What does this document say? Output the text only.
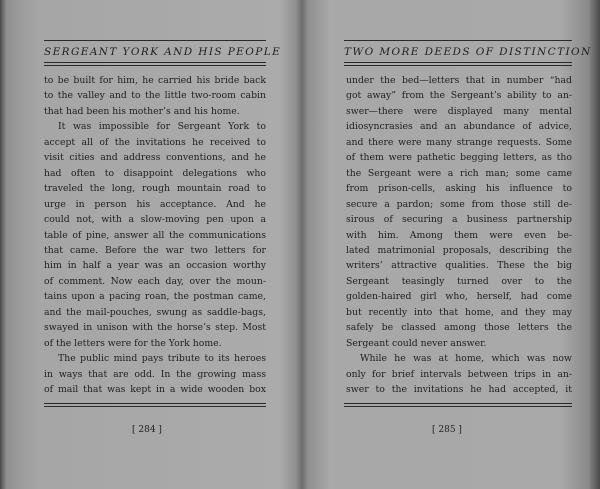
SERGEANT YORK AND HIS PEOPLE
to be built for him, he carried his bride back
to the valley and to the little two-room cabin
that had been his mother’s and his home.
It was impossible for Sergeant York to
accept all of the invitations he received to
visit cities and address conventions, and he
had often to disappoint delegations who
traveled the long, rough mountain road to
urge in person his acceptance. And he
could not, with a slow-moving pen upon a
table of pine, answer all the communications
that came. Before the war two letters for
him in half a year was an occasion worthy
of comment. Now each day, over the moun-
tains upon a pacing roan, the postman came,
and the mail-pouches, swung as saddle-bags,
swayed in unison with the horse’s step. Most
of the letters were for the York home.
The public mind pays tribute to its heroes
in ways that are odd. In the growing mass
of mail that was kept in a wide wooden box
[ 284 ]
TWO MORE DEEDS OF DISTINCTION
under the bed—letters that in number “had
got away” from the Sergeant’s ability to an-
swer—there were displayed many mental
idiosyncrasies and an abundance of advice,
and there were many strange requests. Some
of them were pathetic begging letters, as tho
the Sergeant were a rich man; some came
from prison-cells, asking his influence to
secure a pardon; some from those still de-
sirous of securing a business partnership
with him. Among them were even be-
lated matrimonial proposals, describing the
writers’ attractive qualities. These the big
Sergeant teasingly turned over to the
golden-haired girl who, herself, had come
but recently into that home, and they may
safely be classed among those letters the
Sergeant could never answer.
While he was at home, which was now
only for brief intervals between trips in an-
swer to the invitations he had accepted, it
[ 285 ]
